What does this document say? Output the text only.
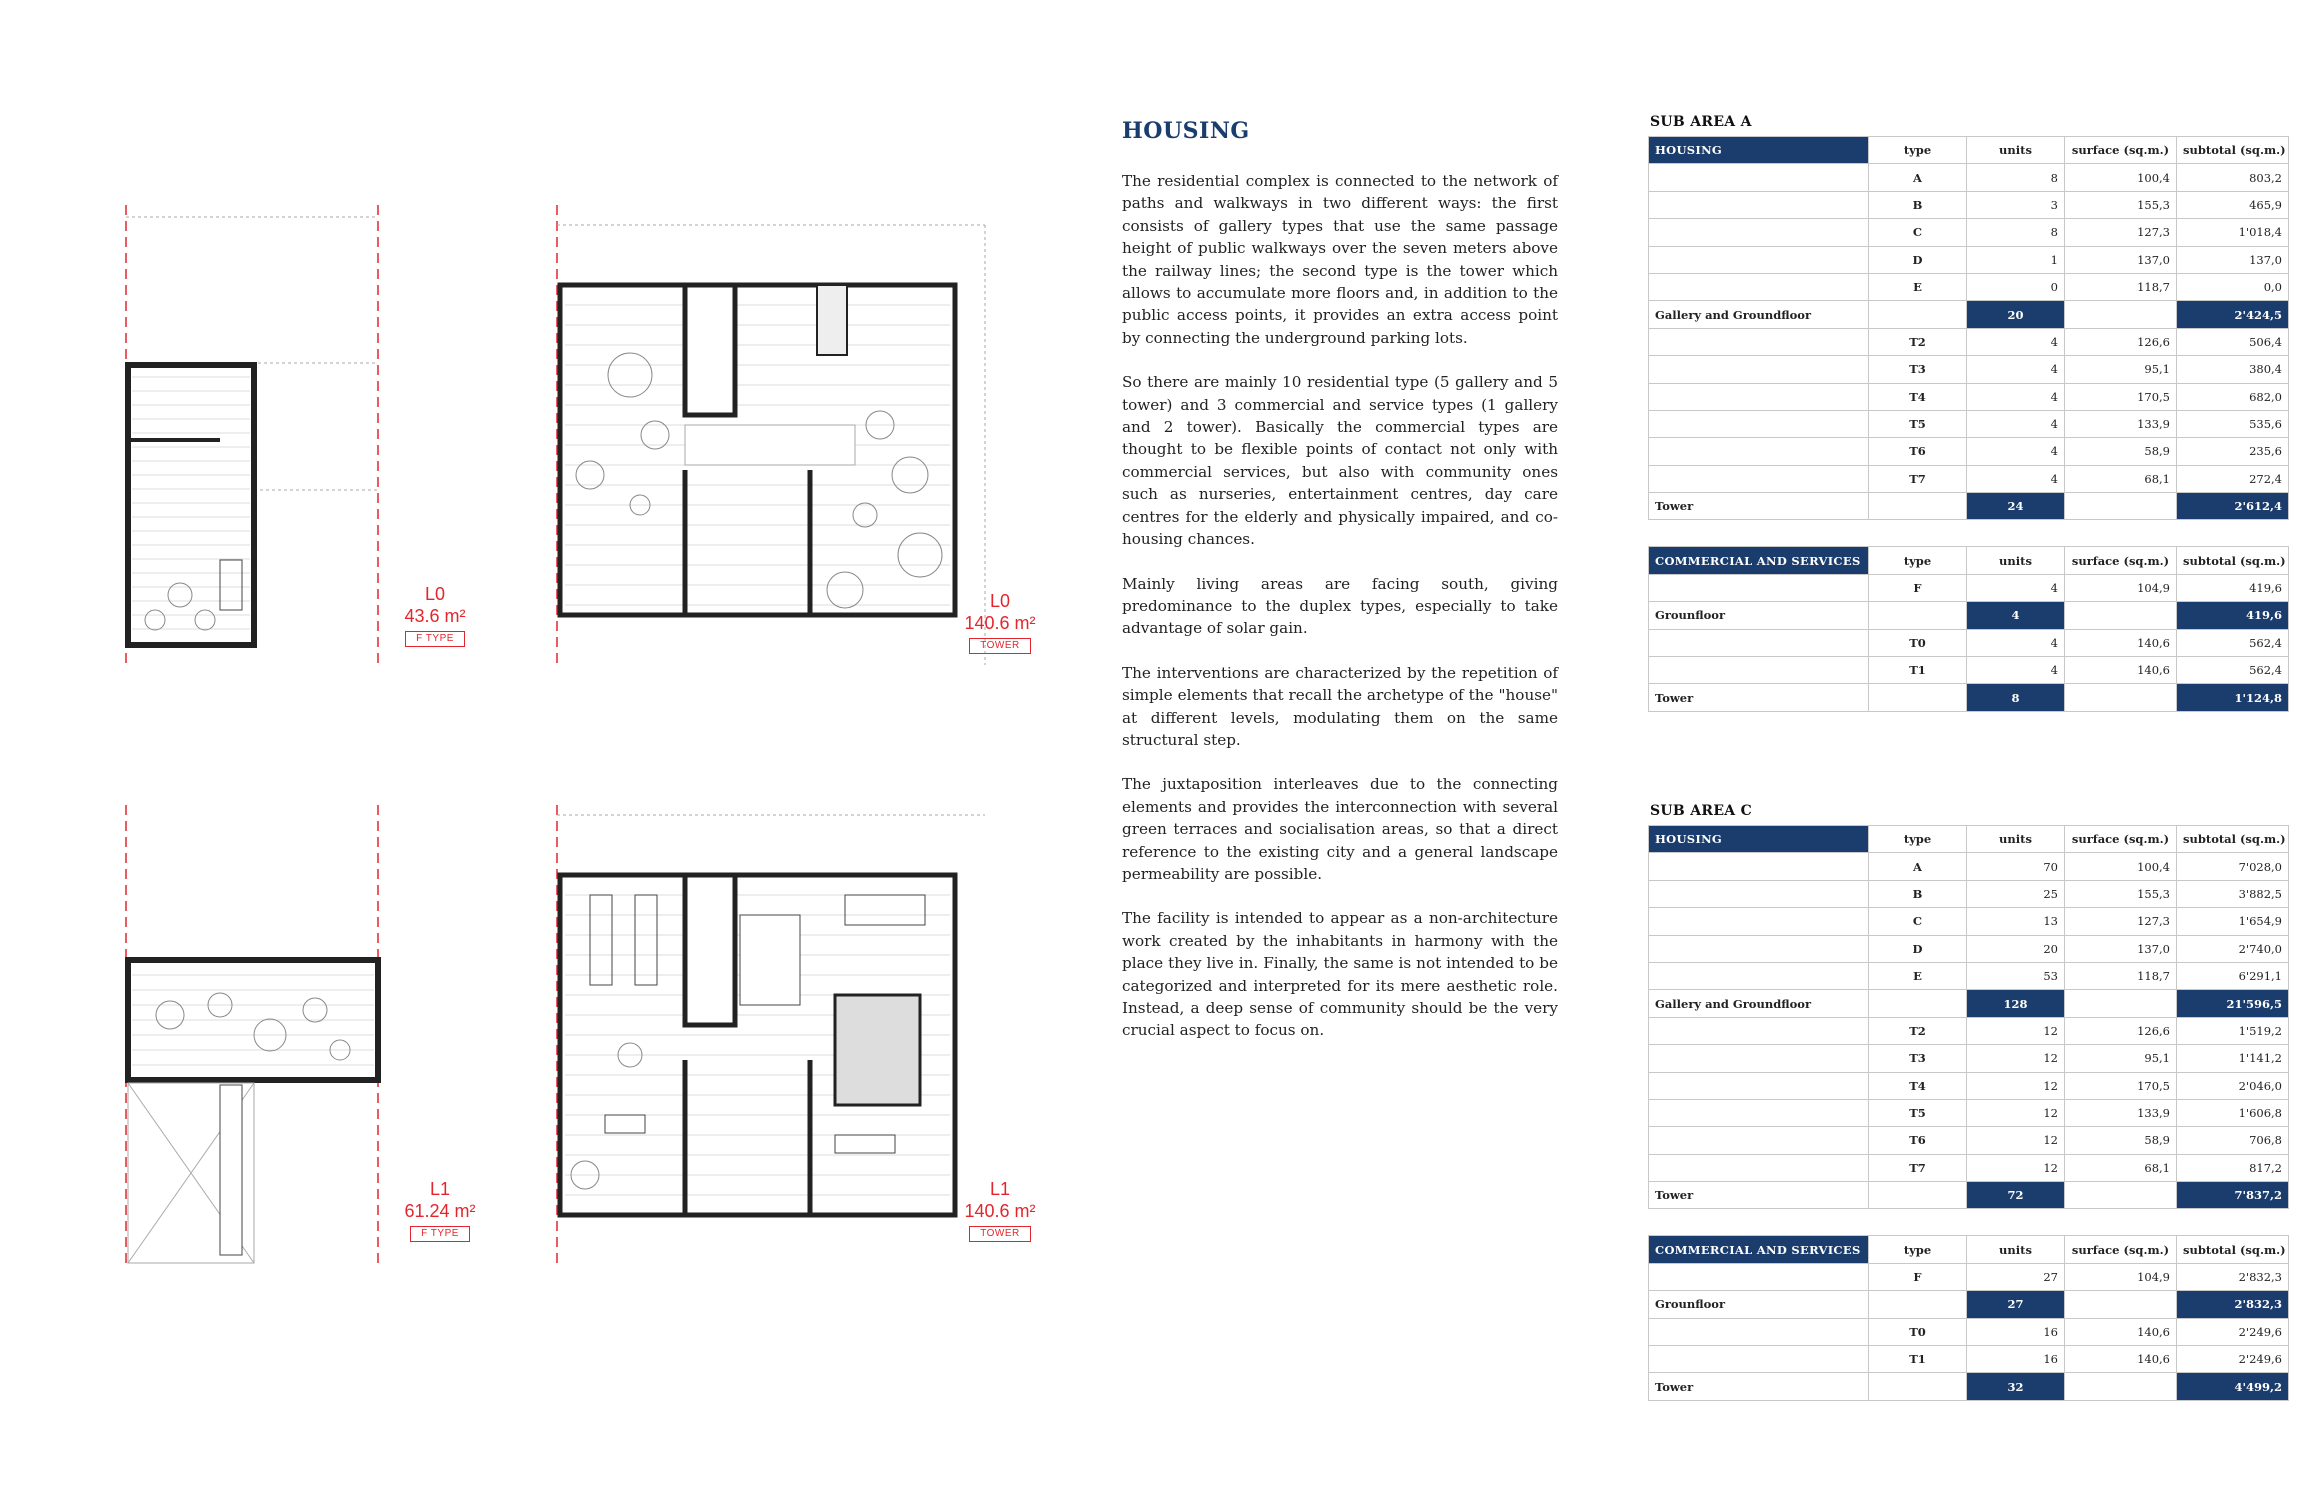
L0
43.6 m²
F TYPE
L0
140.6 m²
TOWER
L1
61.24 m²
F TYPE
L1
140.6 m²
TOWER
HOUSING

The residential complex is connected to the network of paths and walkways in two different ways: the first consists of gallery types that use the same passage height of public walkways over the seven meters above the railway lines; the second type is the tower which allows to accumulate more floors and, in addition to the public access points, it provides an extra access point by connecting the underground parking lots.

So there are mainly 10 residential type (5 gallery and 5 tower) and 3 commercial and service types (1 gallery and 2 tower). Basically the commercial types are thought to be flexible points of contact not only with commercial services, but also with community ones such as nurseries, entertainment centres, day care centres for the elderly and physically impaired, and co-housing chances.

Mainly living areas are facing south, giving predominance to the duplex types, especially to take advantage of solar gain.

The interventions are characterized by the repetition of simple elements that recall the archetype of the "house" at different levels, modulating them on the same structural step.

The juxtaposition interleaves due to the connecting elements and provides the interconnection with several green terraces and socialisation areas, so that a direct reference to the existing city and a general landscape permeability are possible.

The facility is intended to appear as a non-architecture work created by the inhabitants in harmony with the place they live in. Finally, the same is not intended to be categorized and interpreted for its mere aesthetic role. Instead, a deep sense of community should be the very crucial aspect to focus on.

SUB AREA A
HOUSING	type	units	surface (sq.m.)	subtotal (sq.m.)
	A	8	100,4	803,2
	B	3	155,3	465,9
	C	8	127,3	1'018,4
	D	1	137,0	137,0
	E	0	118,7	0,0
Gallery and Groundfloor		20		2'424,5
	T2	4	126,6	506,4
	T3	4	95,1	380,4
	T4	4	170,5	682,0
	T5	4	133,9	535,6
	T6	4	58,9	235,6
	T7	4	68,1	272,4
Tower		24		2'612,4
COMMERCIAL AND SERVICES	type	units	surface (sq.m.)	subtotal (sq.m.)
	F	4	104,9	419,6
Grounfloor		4		419,6
	T0	4	140,6	562,4
	T1	4	140,6	562,4
Tower		8		1'124,8
SUB AREA C
HOUSING	type	units	surface (sq.m.)	subtotal (sq.m.)
	A	70	100,4	7'028,0
	B	25	155,3	3'882,5
	C	13	127,3	1'654,9
	D	20	137,0	2'740,0
	E	53	118,7	6'291,1
Gallery and Groundfloor		128		21'596,5
	T2	12	126,6	1'519,2
	T3	12	95,1	1'141,2
	T4	12	170,5	2'046,0
	T5	12	133,9	1'606,8
	T6	12	58,9	706,8
	T7	12	68,1	817,2
Tower		72		7'837,2
COMMERCIAL AND SERVICES	type	units	surface (sq.m.)	subtotal (sq.m.)
	F	27	104,9	2'832,3
Grounfloor		27		2'832,3
	T0	16	140,6	2'249,6
	T1	16	140,6	2'249,6
Tower		32		4'499,2
